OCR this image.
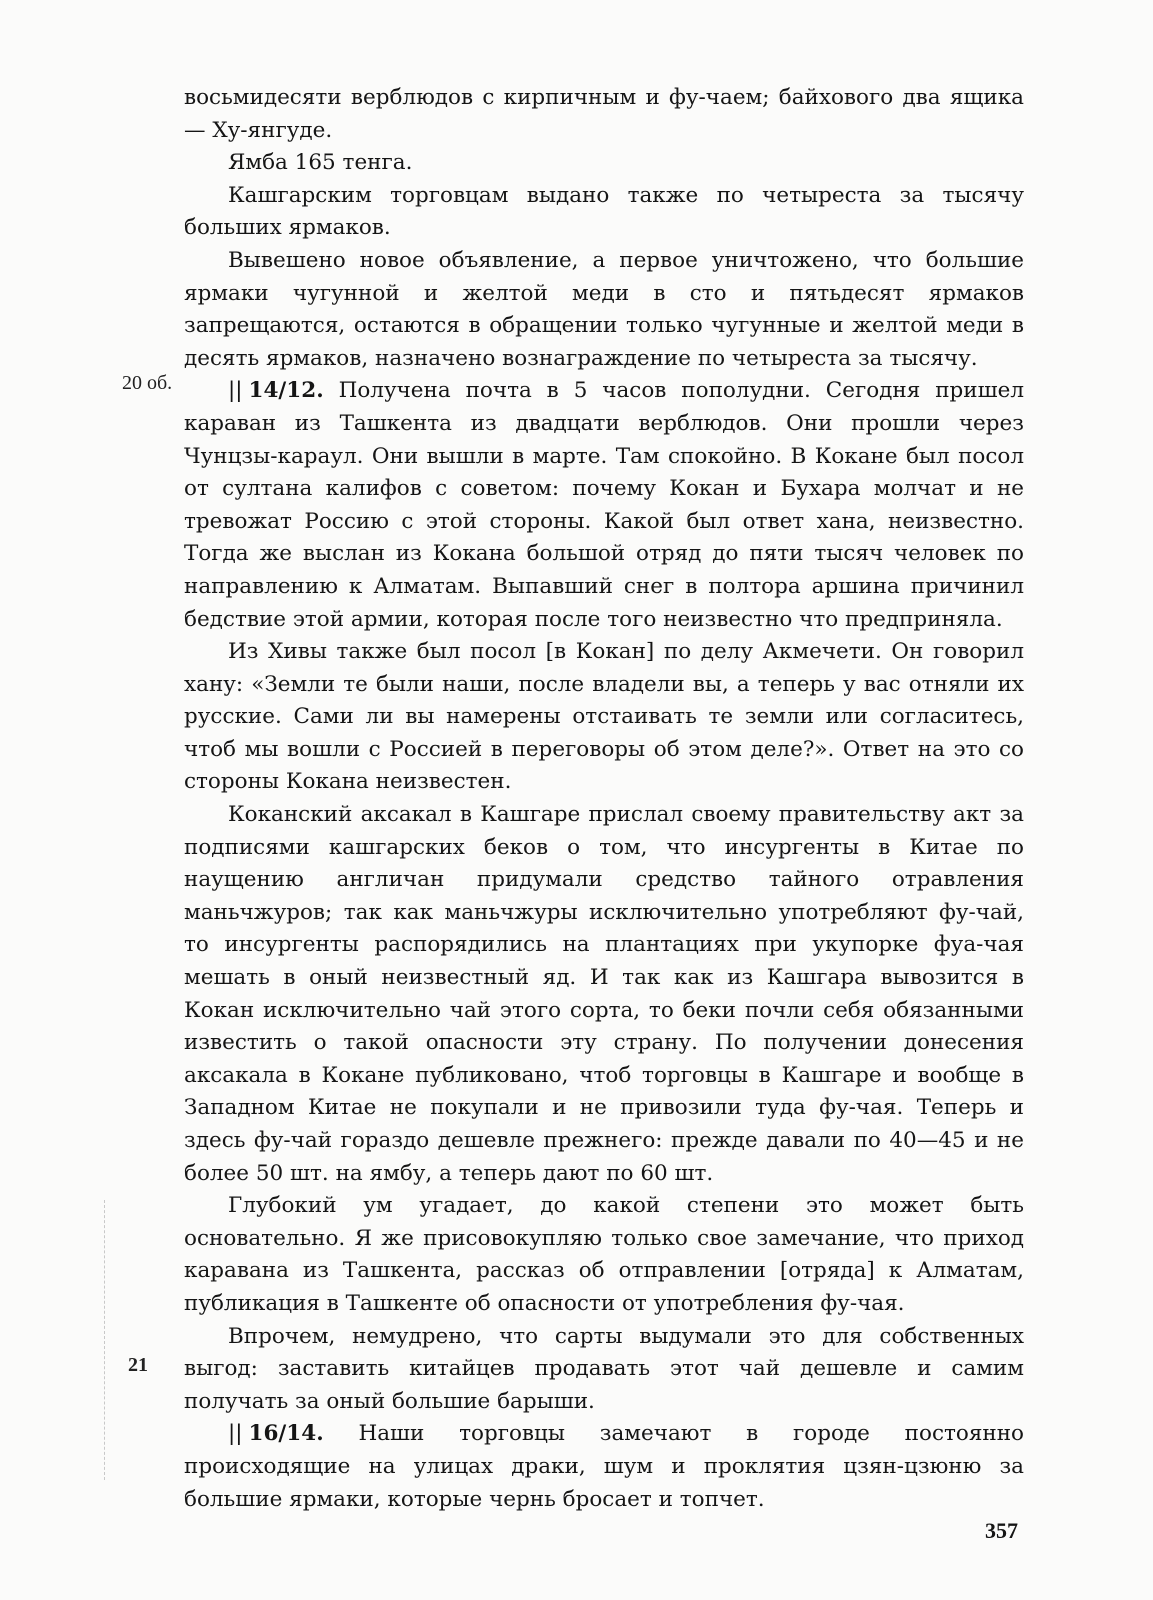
восьмидесяти верблюдов с кирпичным и фу-чаем; байхового два ящика — Ху-янгуде.

Ямба 165 тенга.

Кашгарским торговцам выдано также по четыреста за тысячу больших ярмаков.

Вывешено новое объявление, а первое уничтожено, что большие ярмаки чугунной и желтой меди в сто и пятьдесят ярмаков запрещаются, остаются в обращении только чугунные и желтой меди в десять ярмаков, назначено вознаграждение по четыреста за тысячу.

|| 14/12. Получена почта в 5 часов пополудни. Сегодня пришел караван из Ташкента из двадцати верблюдов. Они прошли через Чунцзы-караул. Они вышли в марте. Там спокойно. В Кокане был посол от султана калифов с советом: почему Кокан и Бухара молчат и не тревожат Россию с этой стороны. Какой был ответ хана, неизвестно. Тогда же выслан из Кокана большой отряд до пяти тысяч человек по направлению к Алматам. Выпавший снег в полтора аршина причинил бедствие этой армии, которая после того неизвестно что предприняла.

Из Хивы также был посол [в Кокан] по делу Акмечети. Он говорил хану: «Земли те были наши, после владели вы, а теперь у вас отняли их русские. Сами ли вы намерены отстаивать те земли или согласитесь, чтоб мы вошли с Россией в переговоры об этом деле?». Ответ на это со стороны Кокана неизвестен.

Коканский аксакал в Кашгаре прислал своему правительству акт за подписями кашгарских беков о том, что инсургенты в Китае по наущению англичан придумали средство тайного отравления маньчжуров; так как маньчжуры исключительно употребляют фу-чай, то инсургенты распорядились на плантациях при укупорке фуа-чая мешать в оный неизвестный яд. И так как из Кашгара вывозится в Кокан исключительно чай этого сорта, то беки почли себя обязанными известить о такой опасности эту страну. По получении донесения аксакала в Кокане публиковано, чтоб торговцы в Кашгаре и вообще в Западном Китае не покупали и не привозили туда фу-чая. Теперь и здесь фу-чай гораздо дешевле прежнего: прежде давали по 40—45 и не более 50 шт. на ямбу, а теперь дают по 60 шт.

Глубокий ум угадает, до какой степени это может быть основательно. Я же присовокупляю только свое замечание, что приход каравана из Ташкента, рассказ об отправлении [отряда] к Алматам, публикация в Ташкенте об опасности от употребления фу-чая.

Впрочем, немудрено, что сарты выдумали это для собственных выгод: заставить китайцев продавать этот чай дешевле и самим получать за оный большие барыши.

|| 16/14. Наши торговцы замечают в городе постоянно происходящие на улицах драки, шум и проклятия цзян-цзюню за большие ярмаки, которые чернь бросает и топчет.

20 об.
21
357
